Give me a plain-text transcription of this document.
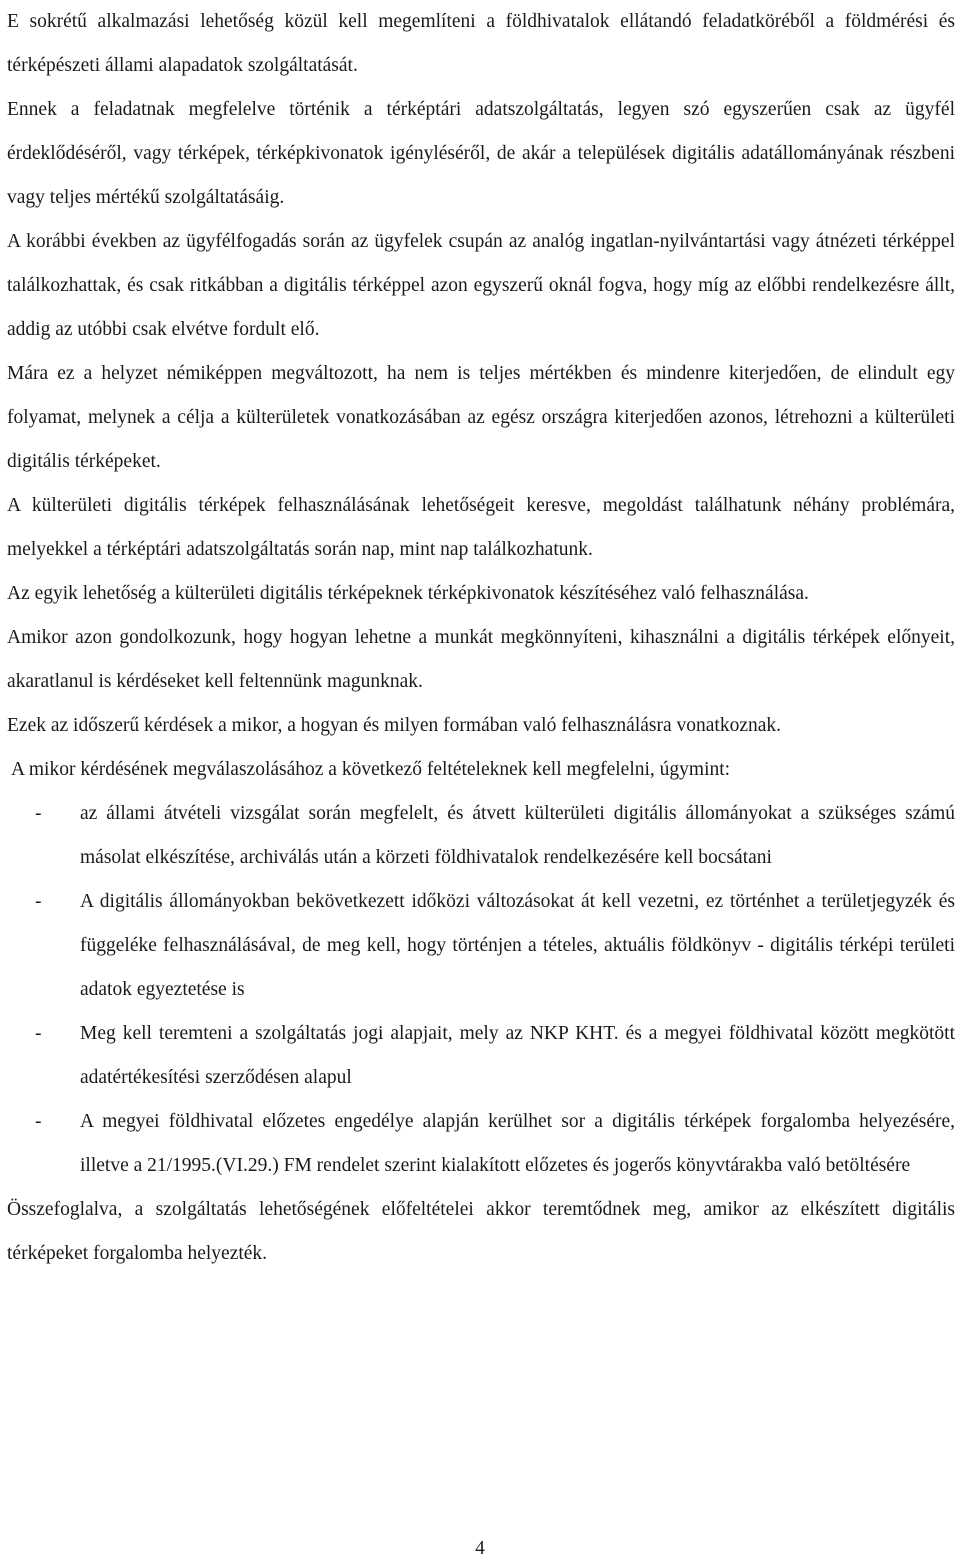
E sokrétű alkalmazási lehetőség közül kell megemlíteni a földhivatalok ellátandó feladatköréből a földmérési és térképészeti állami alapadatok szolgáltatását.

Ennek a feladatnak megfelelve történik a térképtári adatszolgáltatás, legyen szó egyszerűen csak az ügyfél érdeklődéséről, vagy térképek, térképkivonatok igényléséről, de akár a települések digitális adatállományának részbeni vagy teljes mértékű szolgáltatásáig.

A korábbi években az ügyfélfogadás során az ügyfelek csupán az analóg ingatlan-nyilvántartási vagy átnézeti térképpel találkozhattak, és csak ritkábban a digitális térképpel azon egyszerű oknál fogva, hogy míg az előbbi rendelkezésre állt, addig az utóbbi csak elvétve fordult elő.

Mára ez a helyzet némiképpen megváltozott, ha nem is teljes mértékben és mindenre kiterjedően, de elindult egy folyamat, melynek a célja a külterületek vonatkozásában az egész országra kiterjedően azonos, létrehozni a külterületi digitális térképeket.

A külterületi digitális térképek felhasználásának lehetőségeit keresve, megoldást találhatunk néhány problémára, melyekkel a térképtári adatszolgáltatás során nap, mint nap találkozhatunk.

Az egyik lehetőség a külterületi digitális térképeknek térképkivonatok készítéséhez való felhasználása.

Amikor azon gondolkozunk, hogy hogyan lehetne a munkát megkönnyíteni, kihasználni a digitális térképek előnyeit, akaratlanul is kérdéseket kell feltennünk magunknak.

Ezek az időszerű kérdések a mikor, a hogyan és milyen formában való felhasználásra vonatkoznak.

A mikor kérdésének megválaszolásához a következő feltételeknek kell megfelelni, úgymint:

- az állami átvételi vizsgálat során megfelelt, és átvett külterületi digitális állományokat a szükséges számú másolat elkészítése, archiválás után a körzeti földhivatalok rendelkezésére kell bocsátani
- A digitális állományokban bekövetkezett időközi változásokat át kell vezetni, ez történhet a területjegyzék és függeléke felhasználásával, de meg kell, hogy történjen a tételes, aktuális földkönyv - digitális térképi területi adatok egyeztetése is
- Meg kell teremteni a szolgáltatás jogi alapjait, mely az NKP KHT. és a megyei földhivatal között megkötött adatértékesítési szerződésen alapul
- A megyei földhivatal előzetes engedélye alapján kerülhet sor a digitális térképek forgalomba helyezésére, illetve a 21/1995.(VI.29.) FM rendelet szerint kialakított előzetes és jogerős könyvtárakba való betöltésére

Összefoglalva, a szolgáltatás lehetőségének előfeltételei akkor teremtődnek meg, amikor az elkészített digitális térképeket forgalomba helyezték.

4
